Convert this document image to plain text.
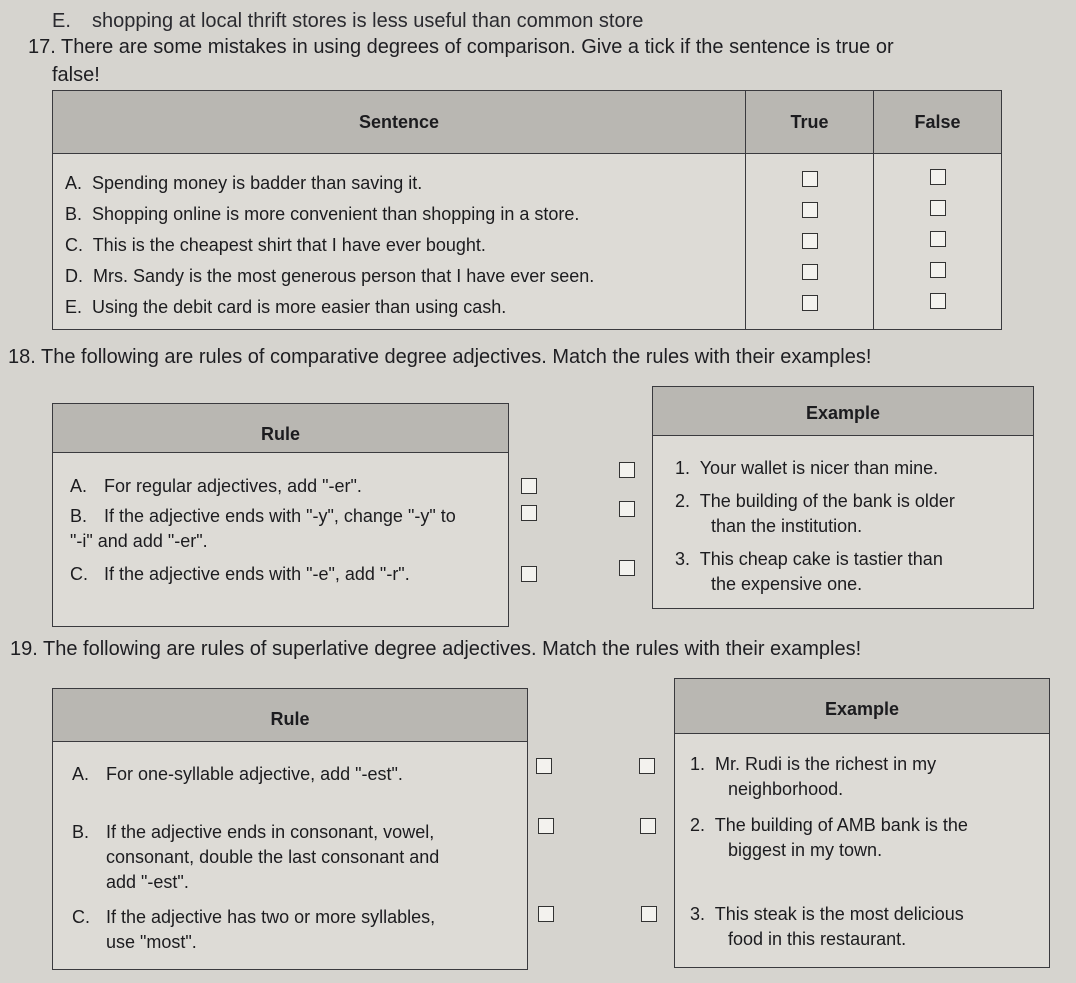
E. shopping at local thrift stores is less useful than common store
17. There are some mistakes in using degrees of comparison. Give a tick if the sentence is true or
false!
Sentence	True	False

A. Spending money is badder than saving it.
B. Shopping online is more convenient than shopping in a store.
C. This is the cheapest shirt that I have ever bought.
D. Mrs. Sandy is the most generous person that I have ever seen.
E. Using the debit card is more easier than using cash.		

18. The following are rules of comparative degree adjectives. Match the rules with their examples!
Rule
A. For regular adjectives, add "-er".
B. If the adjective ends with "-y", change "-y" to
"-i" and add "-er".
C. If the adjective ends with "-e", add "-r".
Example
1. Your wallet is nicer than mine.
2. The building of the bank is older
than the institution.
3. This cheap cake is tastier than
the expensive one.
19. The following are rules of superlative degree adjectives. Match the rules with their examples!
Rule
A. For one-syllable adjective, add "-est".
B. If the adjective ends in consonant, vowel,
consonant, double the last consonant and
add "-est".
C. If the adjective has two or more syllables,
use "most".
Example
1. Mr. Rudi is the richest in my
neighborhood.
2. The building of AMB bank is the
biggest in my town.
3. This steak is the most delicious
food in this restaurant.
